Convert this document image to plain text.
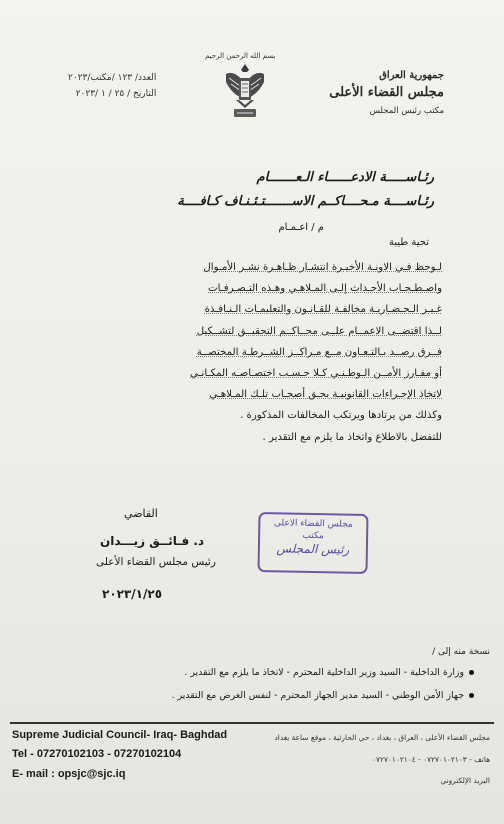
بسم الله الرحمن الرحيم
جمهورية العراق
مجلس القضاء الأعلى
مكتب رئيس المجلس
العدد/ ١٢٣ /مكتب/٢٠٢٣
التاريخ / ٢٥ / ١ /٢٠٢٣
رئـاســـــة الادعــــــاء الـعـــــــام
رئـاســــة مـحــــاكــم الاســـــــتـئـنـاف كـافــــة
م / اعـمـام
تحية طيبة

لـوحظ فـي الاونـة الأخيـرة انتشـار ظـاهـرة نشـر الأمـوال

واصـطـحـاب الأحـداث إلـى المـلاهـي وهـذه التـصـرفـات

غـيـر الـحـضـاريـة مخالفـة للقـانـون والتعليمـات الـنـافـذة

لــذا اقتضــى الاعمــام علــى محــاكــم التحقيــق لتشــكيل

فــرق رصــد بـالتـعـاون مــع مـراكــز الشــرطـة المختصــة

أو مفـارز الأمــن الـوطـنـي كـلا حـسـب اختصـاصـه المكـانـي

لاتخاذ الإجـراءات القانونيـة بحـق أصحـاب تلـك المـلاهـي

وكذلك من يرتادها ويرتكب المخالفات المذكورة .

للتفضل بالاطلاع واتخاذ ما يلزم مع التقدير .

القاضي
د. فـائــق زيـــدان
رئيس مجلس القضاء الأعلى
٢٠٢٣/١/٢٥
مجلس القضاء الاعلى
مكتب
رئيس المجلس
نسخة منه إلى /
وزارة الداخلية - السيد وزير الداخلية المحترم - لاتخاذ ما يلزم مع التقدير .
جهاز الأمن الوطني - السيد مدير الجهاز المحترم - لنفس الغرض مع التقدير .
Supreme Judicial Council- Iraq- Baghdad
Tel - 07270102103 - 07270102104
E- mail : opsjc@sjc.iq
مجلس القضاء الأعلى ، العراق ، بغداد ، حي الحارثية ، موقع ساعة بغداد
هاتف - ٠٧٢٧٠١٠٢١٠٣ - ٠٧٢٧٠١٠٢١٠٤
البريد الإلكتروني
